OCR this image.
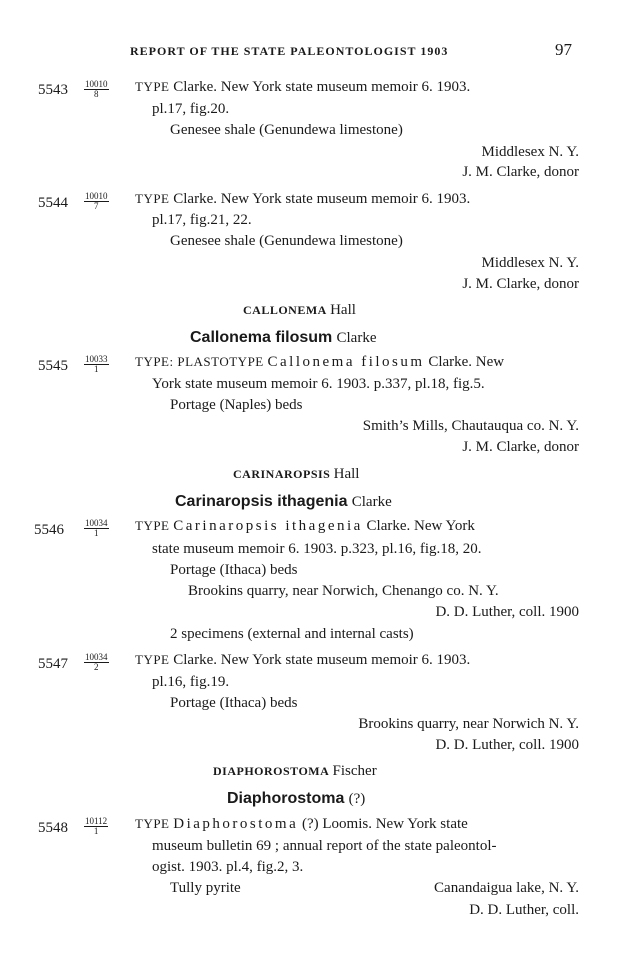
REPORT OF THE STATE PALEONTOLOGIST 1903	97
$5543 \frac{10010}{8}$ TYPE Clarke. New York state museum memoir 6. 1903.
pl.17, fig.20.
Genesee shale (Genundewa limestone)
Middlesex N. Y.
J. M. Clarke, donor
$5544 \frac{10010}{7}$ TYPE Clarke. New York state museum memoir 6. 1903.
pl.17, fig.21, 22.
Genesee shale (Genundewa limestone)
Middlesex N. Y.
J. M. Clarke, donor
CALLONEMA Hall
Callonema filosum Clarke
$5545 \frac{10033}{1}$ TYPE: PLASTOTYPE Callonema filosum Clarke. New
York state museum memoir 6. 1903. p.337, pl.18, fig.5.
Portage (Naples) beds
Smith’s Mills, Chautauqua co. N. Y.
J. M. Clarke, donor
CARINAROPSIS Hall
Carinaropsis ithagenia Clarke
$5546 \frac{10034}{1}$ TYPE Carinaropsis ithagenia Clarke. New York
state museum memoir 6. 1903. p.323, pl.16, fig.18, 20.
Portage (Ithaca) beds
Brookins quarry, near Norwich, Chenango co. N. Y.
D. D. Luther, coll. 1900
2 specimens (external and internal casts)
$5547 \frac{10034}{2}$ TYPE Clarke. New York state museum memoir 6. 1903.
pl.16, fig.19.
Portage (Ithaca) beds
Brookins quarry, near Norwich N. Y.
D. D. Luther, coll. 1900
DIAPHOROSTOMA Fischer
Diaphorostoma (?)
$5548 \frac{10112}{1}$ TYPE Diaphorostoma (?) Loomis. New York state
museum bulletin 69 ; annual report of the state paleontol-
ogist. 1903. pl.4, fig.2, 3.
Tully pyrite	Canandaigua lake, N. Y.
D. D. Luther, coll.
